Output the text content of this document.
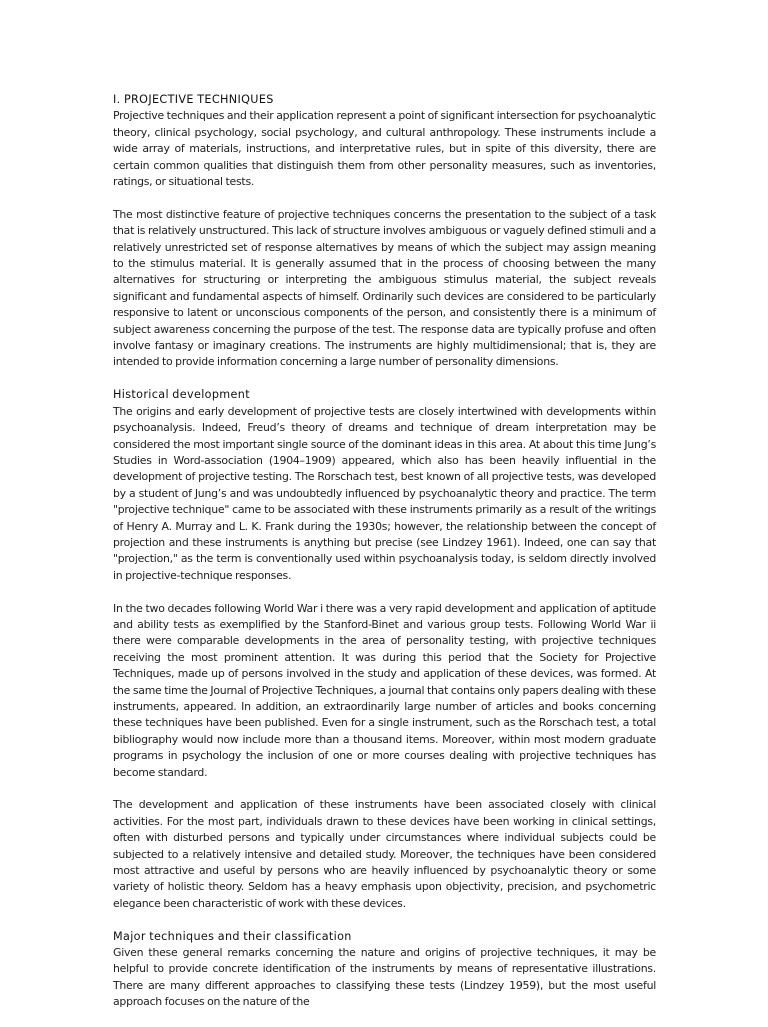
I. PROJECTIVE TECHNIQUES

Projective techniques and their application represent a point of significant intersection for psychoanalytic theory, clinical psychology, social psychology, and cultural anthropology. These instruments include a wide array of materials, instructions, and interpretative rules, but in spite of this diversity, there are certain common qualities that distinguish them from other personality measures, such as inventories, ratings, or situational tests.

The most distinctive feature of projective techniques concerns the presentation to the subject of a task that is relatively unstructured. This lack of structure involves ambiguous or vaguely defined stimuli and a relatively unrestricted set of response alternatives by means of which the subject may assign meaning to the stimulus material. It is generally assumed that in the process of choosing between the many alternatives for structuring or interpreting the ambiguous stimulus material, the subject reveals significant and fundamental aspects of himself. Ordinarily such devices are considered to be particularly responsive to latent or unconscious components of the person, and consistently there is a minimum of subject awareness concerning the purpose of the test. The response data are typically profuse and often involve fantasy or imaginary creations. The instruments are highly multidimensional; that is, they are intended to provide information concerning a large number of personality dimensions.

Historical development

The origins and early development of projective tests are closely intertwined with developments within psychoanalysis. Indeed, Freud’s theory of dreams and technique of dream interpretation may be considered the most important single source of the dominant ideas in this area. At about this time Jung’s Studies in Word-association (1904–1909) appeared, which also has been heavily influential in the development of projective testing. The Rorschach test, best known of all projective tests, was developed by a student of Jung’s and was undoubtedly influenced by psychoanalytic theory and practice. The term "projective technique" came to be associated with these instruments primarily as a result of the writings of Henry A. Murray and L. K. Frank during the 1930s; however, the relationship between the concept of projection and these instruments is anything but precise (see Lindzey 1961). Indeed, one can say that "projection," as the term is conventionally used within psychoanalysis today, is seldom directly involved in projective-technique responses.

In the two decades following World War i there was a very rapid development and application of aptitude and ability tests as exemplified by the Stanford-Binet and various group tests. Following World War ii there were comparable developments in the area of personality testing, with projective techniques receiving the most prominent attention. It was during this period that the Society for Projective Techniques, made up of persons involved in the study and application of these devices, was formed. At the same time the Journal of Projective Techniques, a journal that contains only papers dealing with these instruments, appeared. In addition, an extraordinarily large number of articles and books concerning these techniques have been published. Even for a single instrument, such as the Rorschach test, a total bibliography would now include more than a thousand items. Moreover, within most modern graduate programs in psychology the inclusion of one or more courses dealing with projective techniques has become standard.

The development and application of these instruments have been associated closely with clinical activities. For the most part, individuals drawn to these devices have been working in clinical settings, often with disturbed persons and typically under circumstances where individual subjects could be subjected to a relatively intensive and detailed study. Moreover, the techniques have been considered most attractive and useful by persons who are heavily influenced by psychoanalytic theory or some variety of holistic theory. Seldom has a heavy emphasis upon objectivity, precision, and psychometric elegance been characteristic of work with these devices.

Major techniques and their classification

Given these general remarks concerning the nature and origins of projective techniques, it may be helpful to provide concrete identification of the instruments by means of representative illustrations. There are many different approaches to classifying these tests (Lindzey 1959), but the most useful approach focuses on the nature of the
